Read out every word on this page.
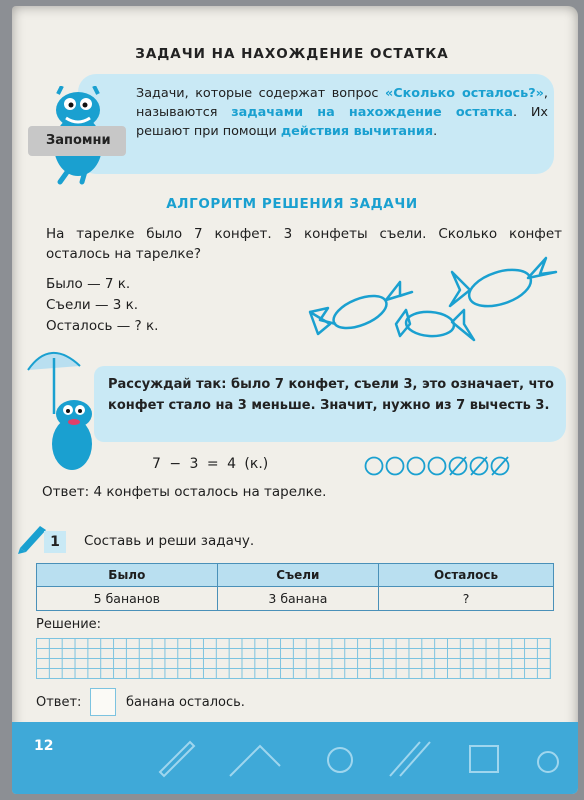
ЗАДАЧИ НА НАХОЖДЕНИЕ ОСТАТКА
Запомни
Задачи, которые содержат вопрос «Сколько осталось?», называются задачами на нахождение остатка. Их решают при помощи действия вычитания.
АЛГОРИТМ РЕШЕНИЯ ЗАДАЧИ
На тарелке было 7 конфет. 3 конфеты съели. Сколько конфет осталось на тарелке?
Было — 7 к.
Съели — 3 к.
Осталось — ? к.
Рассуждай так: было 7 конфет, съели 3, это означает, что конфет стало на 3 меньше. Значит, нужно из 7 вычесть 3.
7 − 3 = 4 (к.)
Ответ: 4 конфеты осталось на тарелке.
1	Составь и реши задачу.
Было	Съели	Осталось
5 бананов	3 банана	?
Решение:
Ответ:	банана осталось.
12
